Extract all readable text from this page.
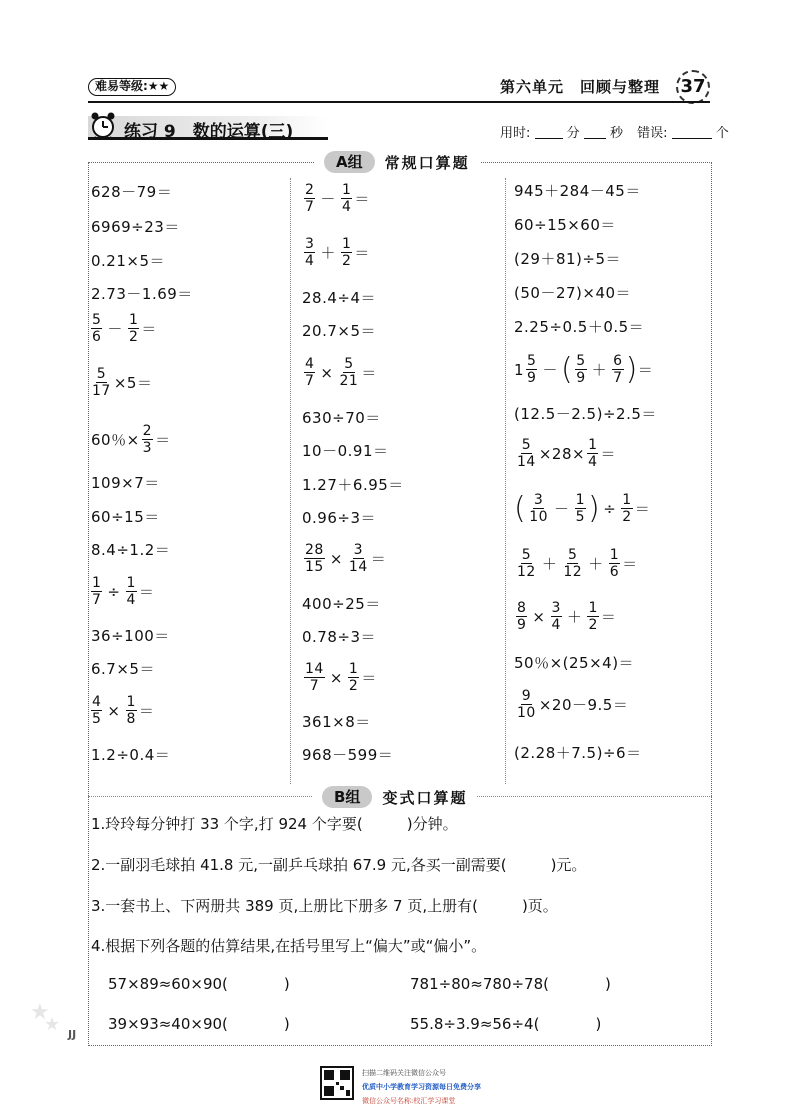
难易等级:★★	第六单元　回顾与整理 37
练习 9　数的运算(三)	用时:	分 秒 错误:	个
A组	常规口算题
628－79＝
6969÷23＝
0.21×5＝
2.73－1.69＝
$\frac{5}{6} - \frac{1}{2}$ ＝
$\frac{5}{17} \times 5=$
60％× $\frac{2}{3}$ ＝
109×7＝
60÷15＝
8.4÷1.2＝
$\frac{1}{7} \div \frac{1}{4}$ ＝
36÷100＝
6.7×5＝
$\frac{4}{5} \times \frac{1}{8}$ ＝
1.2÷0.4＝
$\frac{2}{7} - \frac{1}{4}$ ＝
$\frac{3}{4} + \frac{1}{2}$ ＝
28.4÷4＝
20.7×5＝
$\frac{4}{7} \times \frac{5}{21}$ ＝
630÷70＝
10－0.91＝
1.27＋6.95＝
0.96÷3＝
$\frac{28}{15} \times \frac{3}{14}$ ＝
400÷25＝
0.78÷3＝
$\frac{14}{7} \times \frac{1}{2}$ ＝
361×8＝
968－599＝
945＋284－45＝
60÷15×60＝
(29＋81)÷5＝
(50－27)×40＝
2.25÷0.5＋0.5＝
$1 \frac{5}{9}$ － ( $\frac{5}{9} + \frac{6}{7}$ ) ＝
(12.5－2.5)÷2.5＝
$\frac{5}{14} \times 28\times \frac{1}{4}$ ＝
( $\frac{3}{10} - \frac{1}{5}$ ) ÷ $\frac{1}{2}$ ＝
$\frac{5}{12} + \frac{5}{12} + \frac{1}{6}$ ＝
$\frac{8}{9} \times \frac{3}{4} + \frac{1}{2}$ ＝
50％×(25×4)＝
$\frac{9}{10} \times 20-9.5=$
(2.28＋7.5)÷6＝
B组	变式口算题
1.玲玲每分钟打 33 个字,打 924 个字要(	)分钟。
2.一副羽毛球拍 41.8 元,一副乒乓球拍 67.9 元,各买一副需要(	)元。
3.一套书上、下两册共 389 页,上册比下册多 7 页,上册有(	)页。
4.根据下列各题的估算结果,在括号里写上“偏大”或“偏小”。
57×89≈60×90(	)	781÷80≈780÷78(	)
39×93≈40×90(	)	55.8÷3.9≈56÷4(	)
★
★ JJ
扫描二维码关注微信公众号
优质中小学教育学习资源每日免费分享
微信公众号名称:校汇学习课堂
